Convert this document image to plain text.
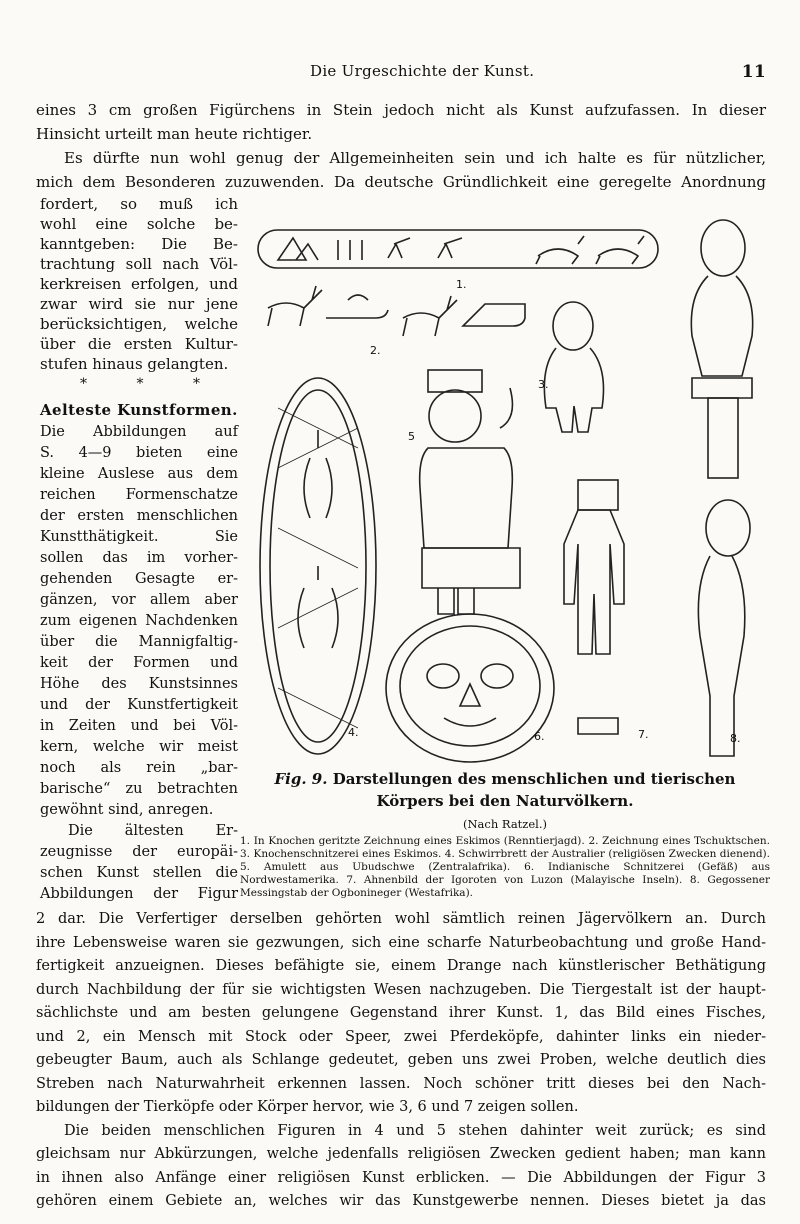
Die Urgeschichte der Kunst.	11
eines 3 cm großen Figürchens in Stein jedoch nicht als Kunst aufzufassen. In dieser
Hinsicht urteilt man heute richtiger.
Es dürfte nun wohl genug der Allgemeinheiten sein und ich halte es für nützlicher,
mich dem Besonderen zuzuwenden. Da deutsche Gründlichkeit eine geregelte Anordnung
fordert, so muß ich
wohl eine solche be-
kanntgeben: Die Be-
trachtung soll nach Völ-
kerkreisen erfolgen, und
zwar wird sie nur jene
berücksichtigen, welche
über die ersten Kultur-
stufen hinaus gelangten.
*	*	*
Aelteste Kunstformen.
Die Abbildungen auf
S. 4—9 bieten eine
kleine Auslese aus dem
reichen Formenschatze
der ersten menschlichen
Kunstthätigkeit. Sie
sollen das im vorher-
gehenden Gesagte er-
gänzen, vor allem aber
zum eigenen Nachdenken
über die Mannigfaltig-
keit der Formen und
Höhe des Kunstsinnes
und der Kunstfertigkeit
in Zeiten und bei Völ-
kern, welche wir meist
noch als rein „bar-
barische“ zu betrachten
gewöhnt sind, anregen.
Die ältesten Er-
zeugnisse der europäi-
schen Kunst stellen die
Abbildungen der Figur
1.
2.
3.
4.
5
6.	7.	8.
Fig. 9. Darstellungen des menschlichen und tierischen Körpers bei den Naturvölkern.
(Nach Ratzel.)
1. In Knochen geritzte Zeichnung eines Eskimos (Renntierjagd). 2. Zeichnung eines Tschuktschen. 3. Knochenschnitzerei eines Eskimos. 4. Schwirrbrett der Australier (religiösen Zwecken dienend). 5. Amulett aus Ubudschwe (Zentralafrika). 6. Indianische Schnitzerei (Gefäß) aus Nordwestamerika. 7. Ahnenbild der Igoroten von Luzon (Malayische Inseln). 8. Gegossener Messingstab der Ogbonineger (Westafrika).
2 dar. Die Verfertiger derselben gehörten wohl sämtlich reinen Jägervölkern an. Durch
ihre Lebensweise waren sie gezwungen, sich eine scharfe Naturbeobachtung und große Hand-
fertigkeit anzueignen. Dieses befähigte sie, einem Drange nach künstlerischer Bethätigung
durch Nachbildung der für sie wichtigsten Wesen nachzugeben. Die Tiergestalt ist der haupt-
sächlichste und am besten gelungene Gegenstand ihrer Kunst. 1, das Bild eines Fisches,
und 2, ein Mensch mit Stock oder Speer, zwei Pferdeköpfe, dahinter links ein nieder-
gebeugter Baum, auch als Schlange gedeutet, geben uns zwei Proben, welche deutlich dies
Streben nach Naturwahrheit erkennen lassen. Noch schöner tritt dieses bei den Nach-
bildungen der Tierköpfe oder Körper hervor, wie 3, 6 und 7 zeigen sollen.
Die beiden menschlichen Figuren in 4 und 5 stehen dahinter weit zurück; es sind
gleichsam nur Abkürzungen, welche jedenfalls religiösen Zwecken gedient haben; man kann
in ihnen also Anfänge einer religiösen Kunst erblicken. — Die Abbildungen der Figur 3
gehören einem Gebiete an, welches wir das Kunstgewerbe nennen. Dieses bietet ja das
